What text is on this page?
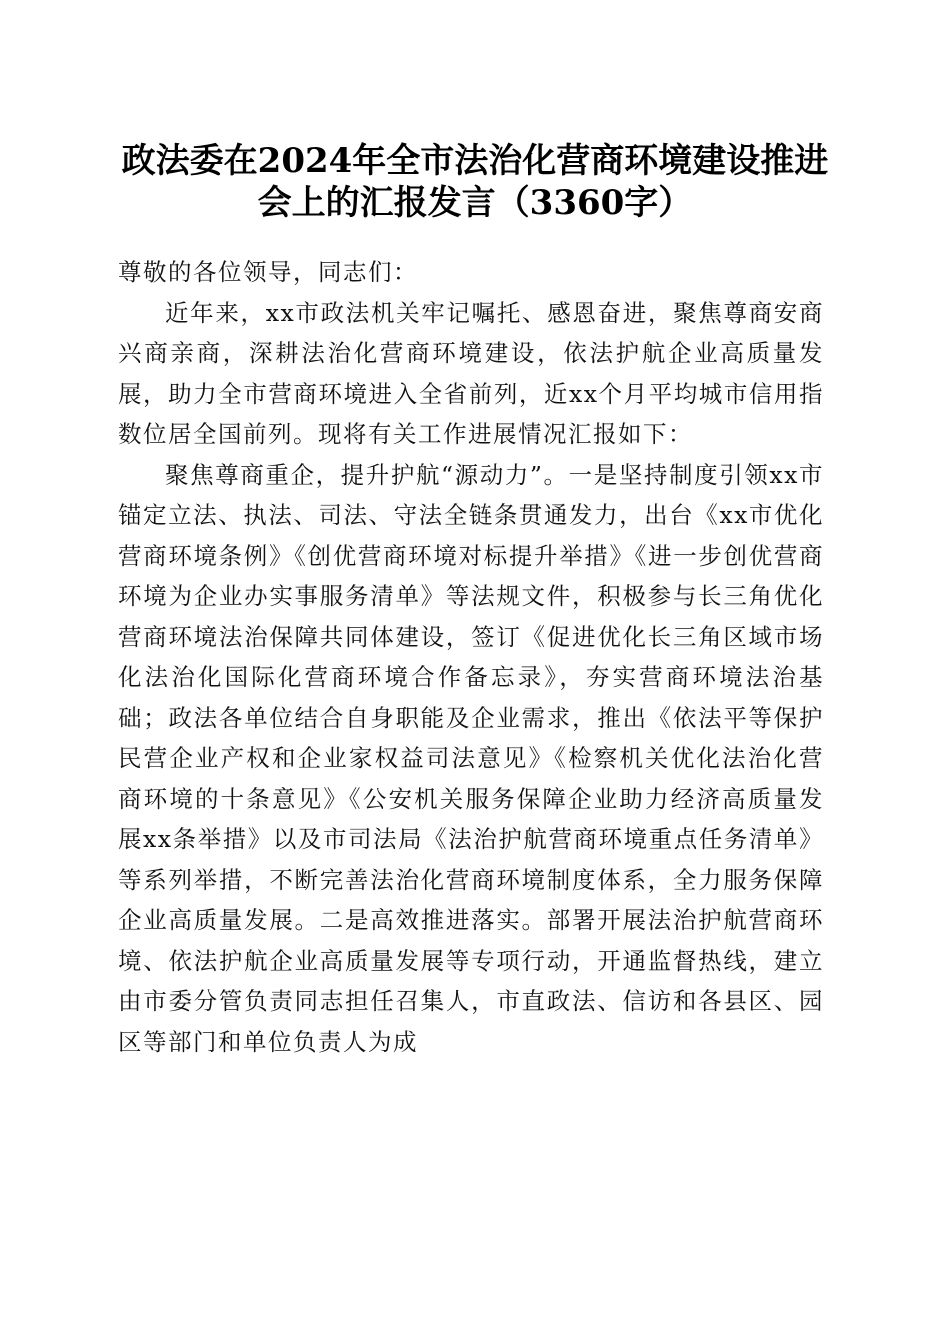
政法委在2024年全市法治化营商环境建设推进会上的汇报发言（3360字）

尊敬的各位领导，同志们：

近年来，xx市政法机关牢记嘱托、感恩奋进，聚焦尊商安商兴商亲商，深耕法治化营商环境建设，依法护航企业高质量发展，助力全市营商环境进入全省前列，近xx个月平均城市信用指数位居全国前列。现将有关工作进展情况汇报如下：

聚焦尊商重企，提升护航“源动力”。一是坚持制度引领xx市锚定立法、执法、司法、守法全链条贯通发力，出台《xx市优化营商环境条例》《创优营商环境对标提升举措》《进一步创优营商环境为企业办实事服务清单》等法规文件，积极参与长三角优化营商环境法治保障共同体建设，签订《促进优化长三角区域市场化法治化国际化营商环境合作备忘录》，夯实营商环境法治基础；政法各单位结合自身职能及企业需求，推出《依法平等保护民营企业产权和企业家权益司法意见》《检察机关优化法治化营商环境的十条意见》《公安机关服务保障企业助力经济高质量发展xx条举措》以及市司法局《法治护航营商环境重点任务清单》等系列举措，不断完善法治化营商环境制度体系，全力服务保障企业高质量发展。二是高效推进落实。部署开展法治护航营商环境、依法护航企业高质量发展等专项行动，开通监督热线，建立由市委分管负责同志担任召集人，市直政法、信访和各县区、园区等部门和单位负责人为成
